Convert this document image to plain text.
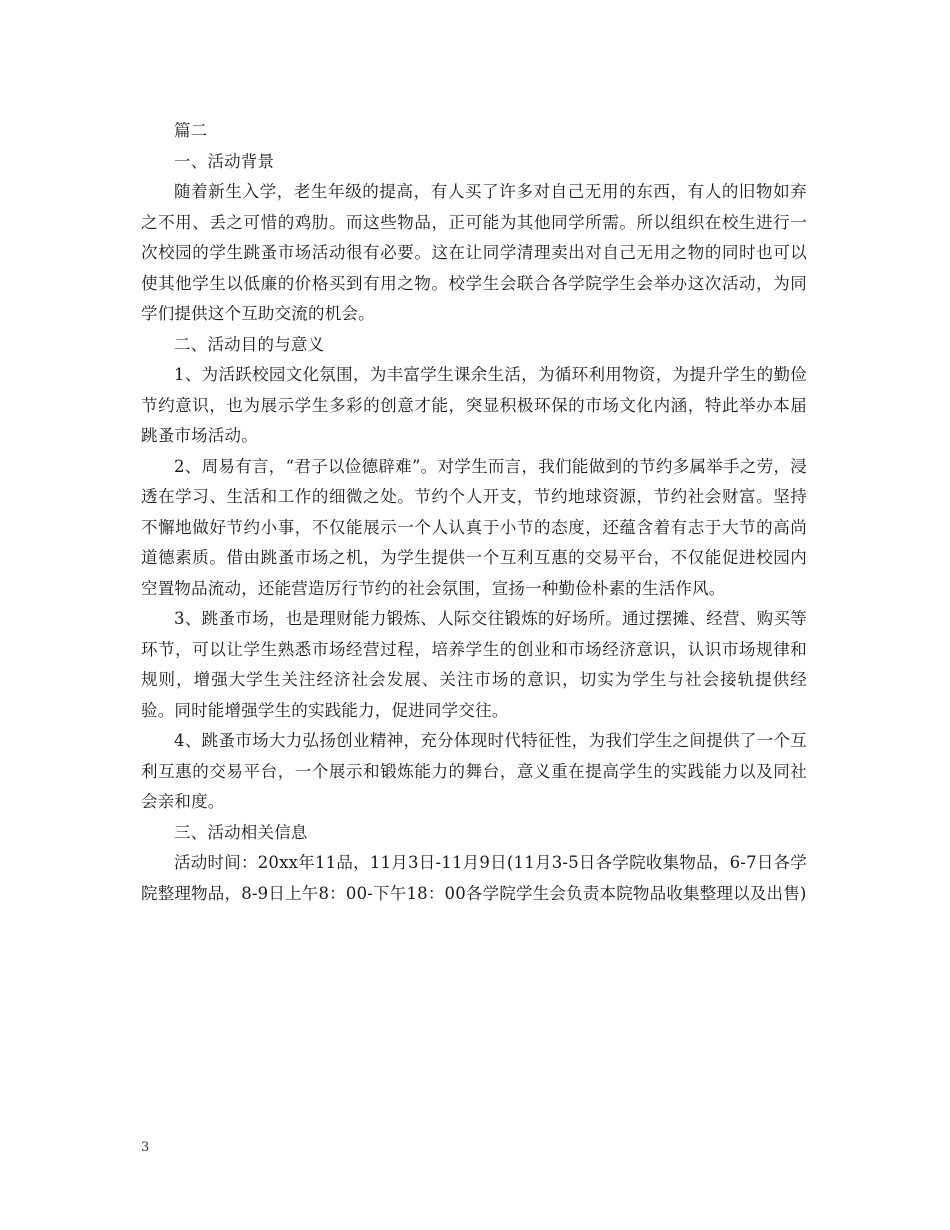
篇二

一、活动背景

随着新生入学，老生年级的提高，有人买了许多对自己无用的东西，有人的旧物如弃之不用、丢之可惜的鸡肋。而这些物品，正可能为其他同学所需。所以组织在校生进行一次校园的学生跳蚤市场活动很有必要。这在让同学清理卖出对自己无用之物的同时也可以使其他学生以低廉的价格买到有用之物。校学生会联合各学院学生会举办这次活动，为同学们提供这个互助交流的机会。

二、活动目的与意义

1、为活跃校园文化氛围，为丰富学生课余生活，为循环利用物资，为提升学生的勤俭节约意识，也为展示学生多彩的创意才能，突显积极环保的市场文化内涵，特此举办本届跳蚤市场活动。

2、周易有言，“君子以俭德辟难”。对学生而言，我们能做到的节约多属举手之劳，浸透在学习、生活和工作的细微之处。节约个人开支，节约地球资源，节约社会财富。坚持不懈地做好节约小事，不仅能展示一个人认真于小节的态度，还蕴含着有志于大节的高尚道德素质。借由跳蚤市场之机，为学生提供一个互利互惠的交易平台，不仅能促进校园内空置物品流动，还能营造厉行节约的社会氛围，宣扬一种勤俭朴素的生活作风。

3、跳蚤市场，也是理财能力锻炼、人际交往锻炼的好场所。通过摆摊、经营、购买等环节，可以让学生熟悉市场经营过程，培养学生的创业和市场经济意识，认识市场规律和规则，增强大学生关注经济社会发展、关注市场的意识，切实为学生与社会接轨提供经验。同时能增强学生的实践能力，促进同学交往。

4、跳蚤市场大力弘扬创业精神，充分体现时代特征性，为我们学生之间提供了一个互利互惠的交易平台，一个展示和锻炼能力的舞台，意义重在提高学生的实践能力以及同社会亲和度。

三、活动相关信息

活动时间：20xx年11品，11月3日-11月9日(11月3-5日各学院收集物品，6-7日各学院整理物品，8-9日上午8：00-下午18：00各学院学生会负责本院物品收集整理以及出售)

3
